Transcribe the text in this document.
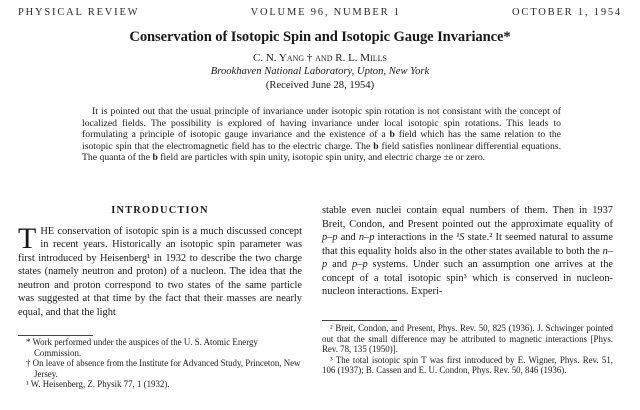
PHYSICAL REVIEW	VOLUME 96, NUMBER 1	OCTOBER 1, 1954
Conservation of Isotopic Spin and Isotopic Gauge Invariance*
C. N. Yang † and R. L. Mills
Brookhaven National Laboratory, Upton, New York
(Received June 28, 1954)
It is pointed out that the usual principle of invariance under isotopic spin rotation is not consistant with the concept of localized fields. The possibility is explored of having invariance under local isotopic spin rotations. This leads to formulating a principle of isotopic gauge invariance and the existence of a b field which has the same relation to the isotopic spin that the electromagnetic field has to the electric charge. The b field satisfies nonlinear differential equations. The quanta of the b field are particles with spin unity, isotopic spin unity, and electric charge ±e or zero.
INTRODUCTION

THE conservation of isotopic spin is a much discussed concept in recent years. Historically an isotopic spin parameter was first introduced by Heisenberg¹ in 1932 to describe the two charge states (namely neutron and proton) of a nucleon. The idea that the neutron and proton correspond to two states of the same particle was suggested at that time by the fact that their masses are nearly equal, and that the light

stable even nuclei contain equal numbers of them. Then in 1937 Breit, Condon, and Present pointed out the approximate equality of p–p and n–p interactions in the ¹S state.² It seemed natural to assume that this equality holds also in the other states available to both the n–p and p–p systems. Under such an assumption one arrives at the concept of a total isotopic spin³ which is conserved in nucleon-nucleon interactions. Experi-

* Work performed under the auspices of the U. S. Atomic Energy Commission.

† On leave of absence from the Institute for Advanced Study, Princeton, New Jersey.

¹ W. Heisenberg, Z. Physik 77, 1 (1932).

² Breit, Condon, and Present, Phys. Rev. 50, 825 (1936). J. Schwinger pointed out that the small difference may be attributed to magnetic interactions [Phys. Rev. 78, 135 (1950)].

³ The total isotopic spin T was first introduced by E. Wigner, Phys. Rev. 51, 106 (1937); B. Cassen and E. U. Condon, Phys. Rev. 50, 846 (1936).
